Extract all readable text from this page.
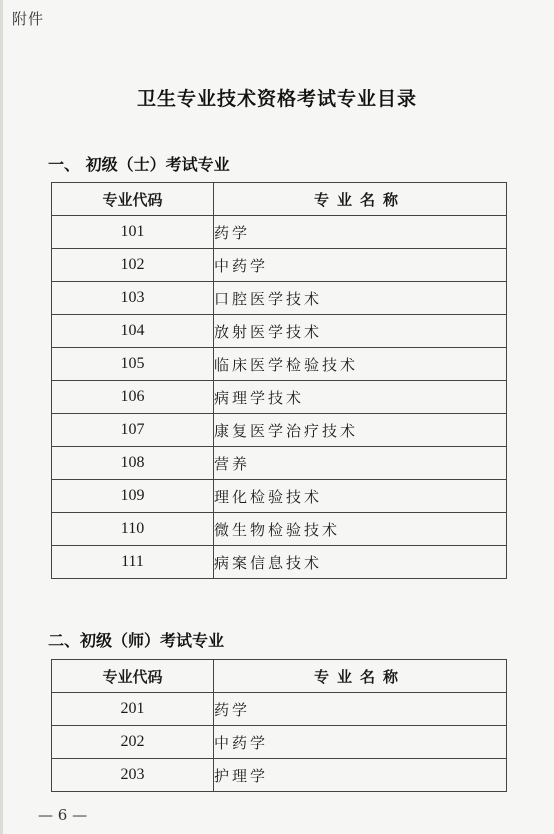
附件
卫生专业技术资格考试专业目录
一、 初级（士）考试专业
专业代码	专业名称
101	药学
102	中药学
103	口腔医学技术
104	放射医学技术
105	临床医学检验技术
106	病理学技术
107	康复医学治疗技术
108	营养
109	理化检验技术
110	微生物检验技术
111	病案信息技术
二、初级（师）考试专业
专业代码	专业名称
201	药学
202	中药学
203	护理学
— 6 —
